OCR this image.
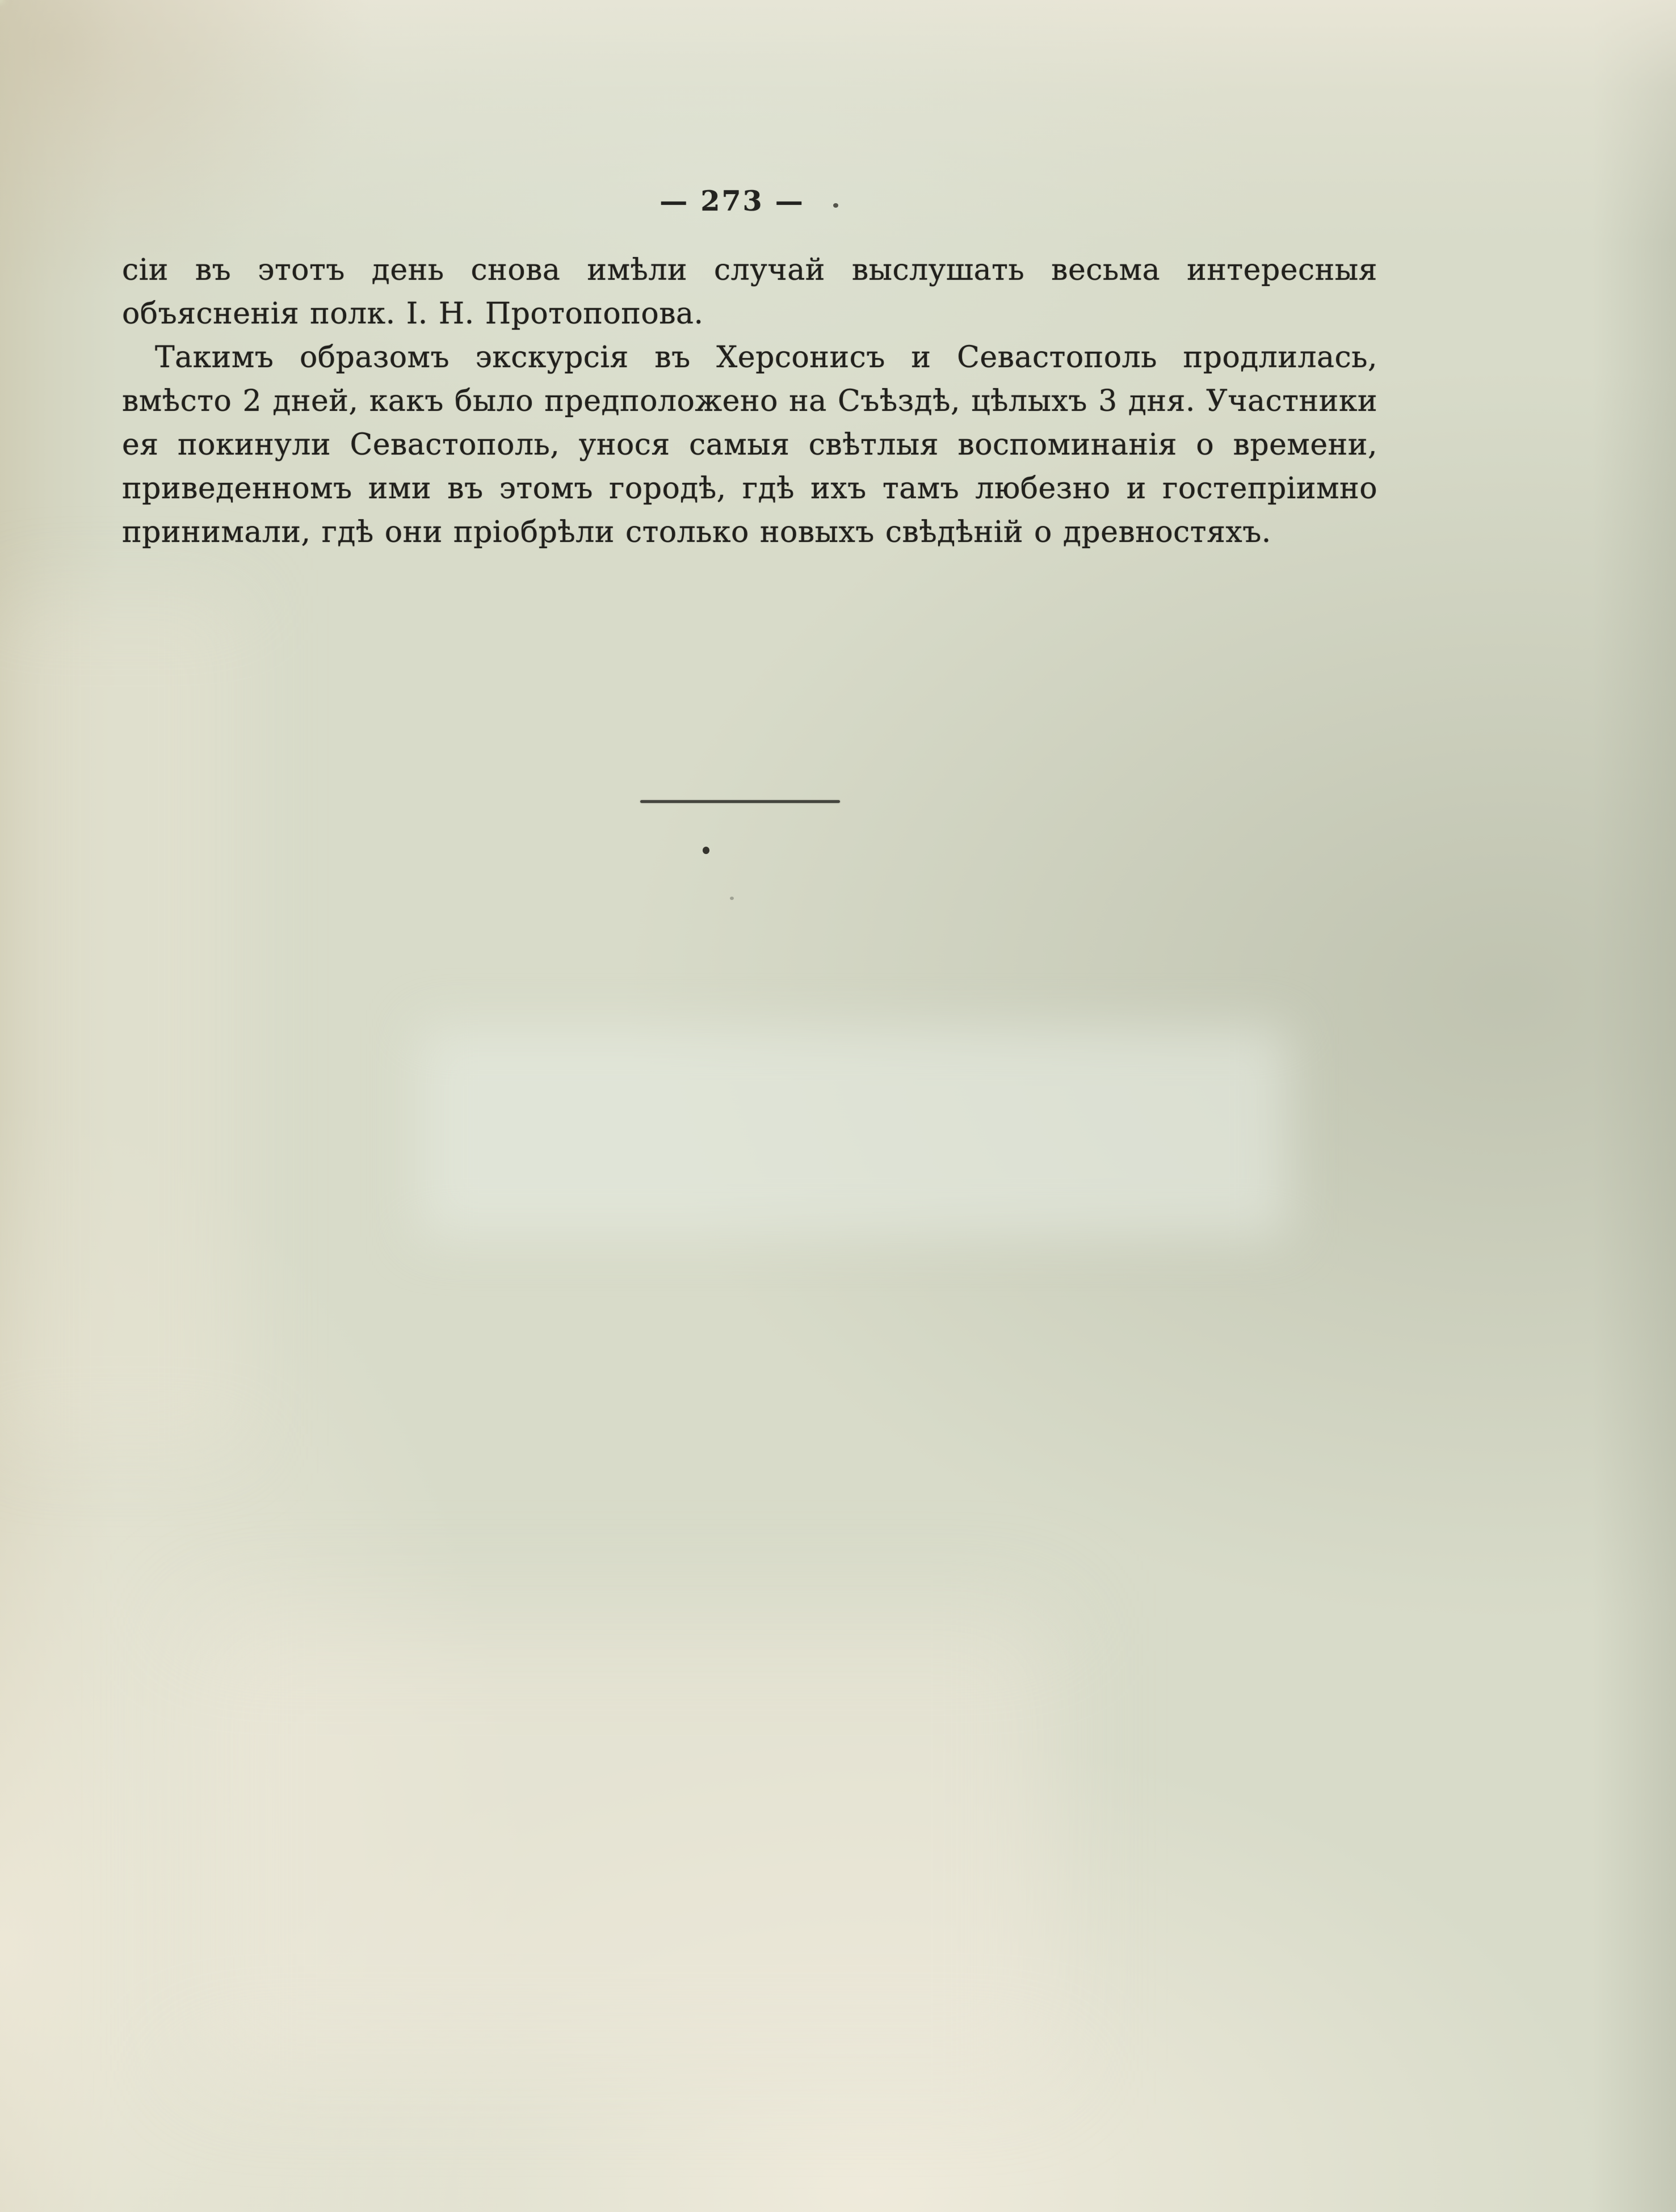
— 273 —

сіи въ этотъ день снова имѣли случай выслушать весьма интересныя объясненія полк. І. Н. Протопопова.

Такимъ образомъ экскурсія въ Херсонисъ и Севастополь продлилась, вмѣсто 2 дней, какъ было предположено на Съѣздѣ, цѣлыхъ 3 дня. Участники ея покинули Севастополь, унося самыя свѣтлыя воспоминанія о времени, приведенномъ ими въ этомъ городѣ, гдѣ ихъ тамъ любезно и гостепріимно принимали, гдѣ они пріобрѣли столько новыхъ свѣдѣній о древностяхъ.
